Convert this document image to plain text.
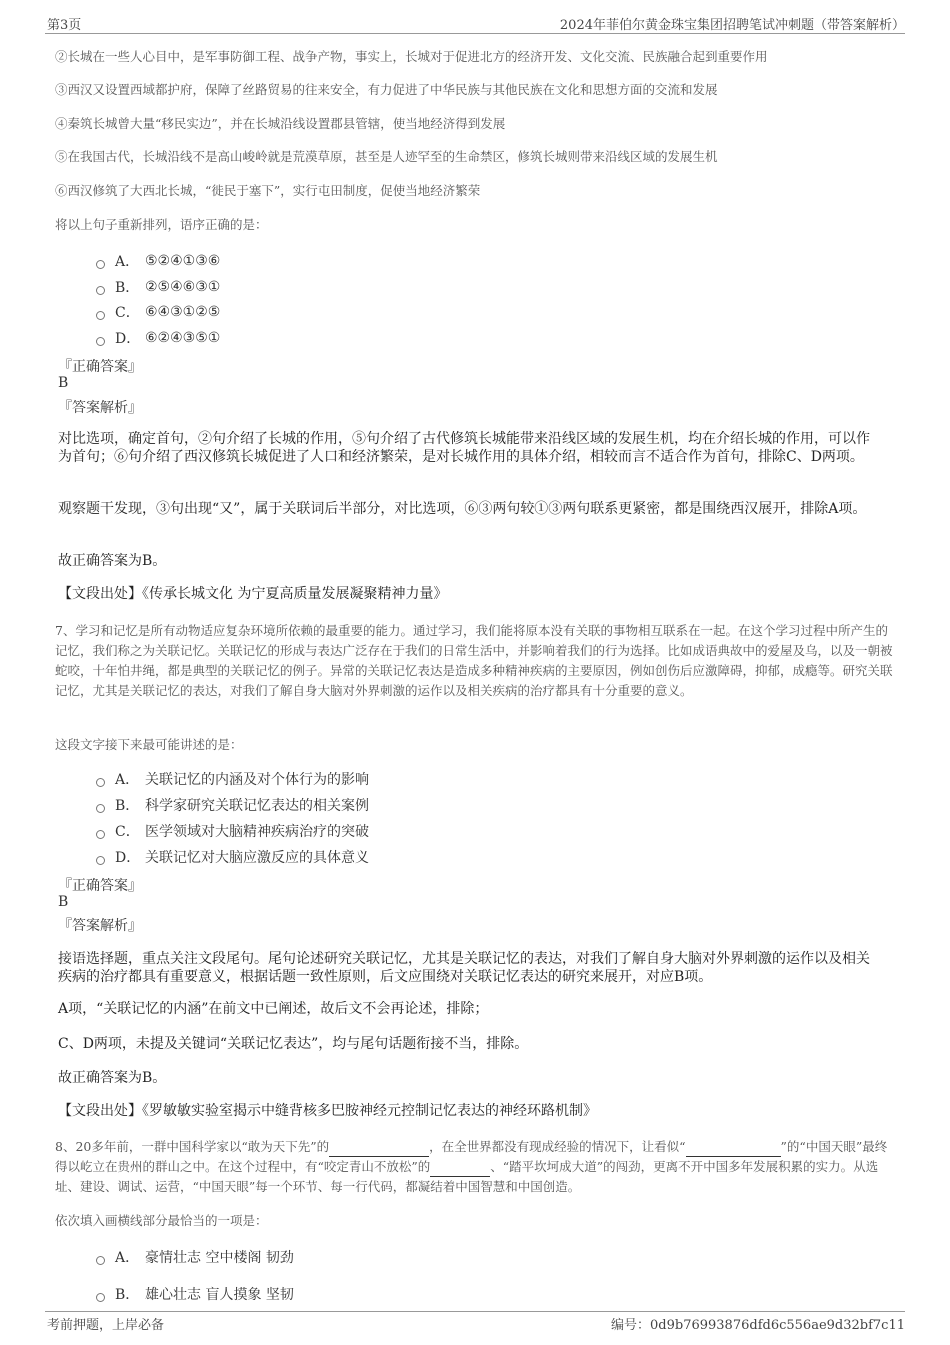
第3页	2024年菲伯尔黄金珠宝集团招聘笔试冲刺题（带答案解析）
②长城在一些人心目中，是军事防御工程、战争产物，事实上，长城对于促进北方的经济开发、文化交流、民族融合起到重要作用
③西汉又设置西域都护府，保障了丝路贸易的往来安全，有力促进了中华民族与其他民族在文化和思想方面的交流和发展
④秦筑长城曾大量“移民实边”，并在长城沿线设置郡县管辖，使当地经济得到发展
⑤在我国古代，长城沿线不是高山峻岭就是荒漠草原，甚至是人迹罕至的生命禁区，修筑长城则带来沿线区域的发展生机
⑥西汉修筑了大西北长城，“徙民于塞下”，实行屯田制度，促使当地经济繁荣
将以上句子重新排列，语序正确的是：
A． ⑤②④①③⑥
B． ②⑤④⑥③①
C． ⑥④③①②⑤
D． ⑥②④③⑤①
『正确答案』
B
『答案解析』
对比选项，确定首句，②句介绍了长城的作用，⑤句介绍了古代修筑长城能带来沿线区域的发展生机，均在介绍长城的作用，可以作为首句；⑥句介绍了西汉修筑长城促进了人口和经济繁荣，是对长城作用的具体介绍，相较而言不适合作为首句，排除C、D两项。
观察题干发现，③句出现“又”，属于关联词后半部分，对比选项，⑥③两句较①③两句联系更紧密，都是围绕西汉展开，排除A项。
故正确答案为B。
【文段出处】《传承长城文化 为宁夏高质量发展凝聚精神力量》
7、学习和记忆是所有动物适应复杂环境所依赖的最重要的能力。通过学习，我们能将原本没有关联的事物相互联系在一起。在这个学习过程中所产生的记忆，我们称之为关联记忆。关联记忆的形成与表达广泛存在于我们的日常生活中，并影响着我们的行为选择。比如成语典故中的爱屋及乌，以及一朝被蛇咬，十年怕井绳，都是典型的关联记忆的例子。异常的关联记忆表达是造成多种精神疾病的主要原因，例如创伤后应激障碍，抑郁，成瘾等。研究关联记忆，尤其是关联记忆的表达，对我们了解自身大脑对外界刺激的运作以及相关疾病的治疗都具有十分重要的意义。
这段文字接下来最可能讲述的是：
A． 关联记忆的内涵及对个体行为的影响
B． 科学家研究关联记忆表达的相关案例
C． 医学领域对大脑精神疾病治疗的突破
D． 关联记忆对大脑应激反应的具体意义
『正确答案』
B
『答案解析』
接语选择题，重点关注文段尾句。尾句论述研究关联记忆，尤其是关联记忆的表达，对我们了解自身大脑对外界刺激的运作以及相关疾病的治疗都具有重要意义，根据话题一致性原则，后文应围绕对关联记忆表达的研究来展开，对应B项。
A项，“关联记忆的内涵”在前文中已阐述，故后文不会再论述，排除；
C、D两项，未提及关键词“关联记忆表达”，均与尾句话题衔接不当，排除。
故正确答案为B。
【文段出处】《罗敏敏实验室揭示中缝背核多巴胺神经元控制记忆表达的神经环路机制》
8、20多年前，一群中国科学家以“敢为天下先”的	，在全世界都没有现成经验的情况下，让看似“	”的“中国天眼”最终得以屹立在贵州的群山之中。在这个过程中，有“咬定青山不放松”的	、“踏平坎坷成大道”的闯劲，更离不开中国多年发展积累的实力。从选址、建设、调试、运营，“中国天眼”每一个环节、每一行代码，都凝结着中国智慧和中国创造。
依次填入画横线部分最恰当的一项是：
A． 豪情壮志 空中楼阁 韧劲
B． 雄心壮志 盲人摸象 坚韧
考前押题，上岸必备	编号：0d9b76993876dfd6c556ae9d32bf7c11
